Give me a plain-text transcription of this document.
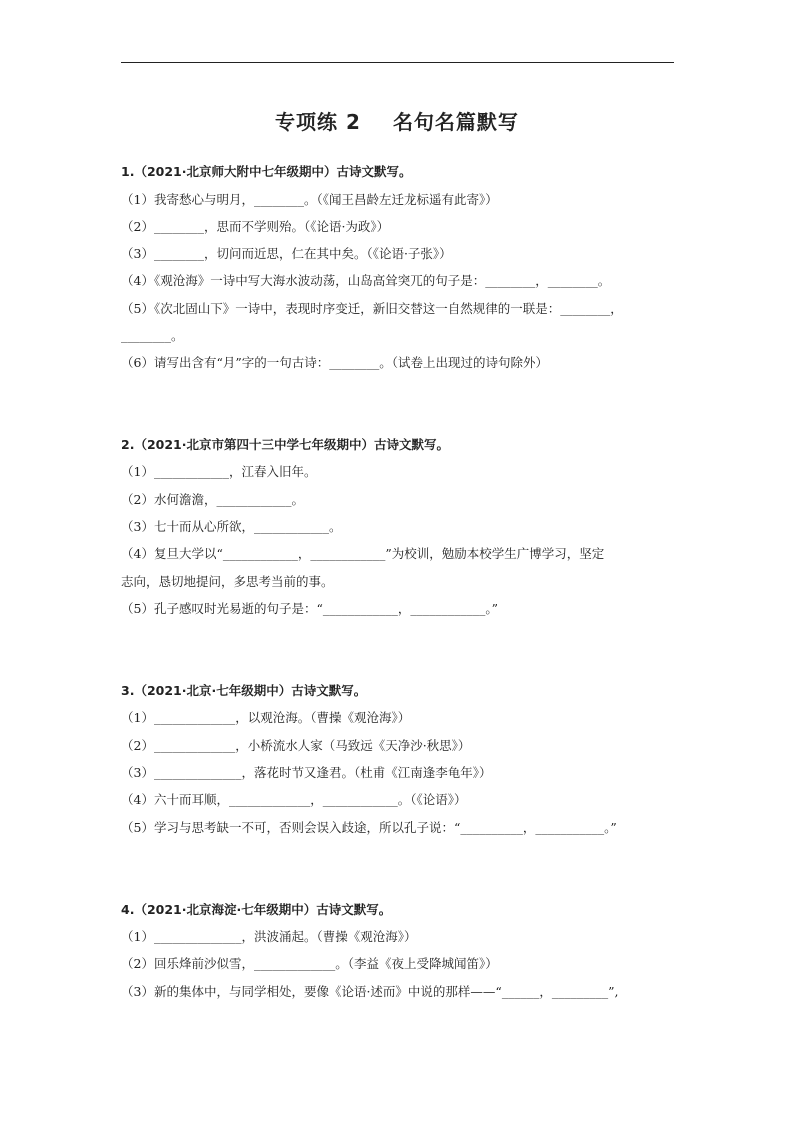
专项练 2 名句名篇默写
1.（2021·北京师大附中七年级期中）古诗文默写。
（1）我寄愁心与明月，________。（《闻王昌龄左迁龙标遥有此寄》）
（2）________，思而不学则殆。（《论语·为政》）
（3）________，切问而近思，仁在其中矣。（《论语·子张》）
（4）《观沧海》一诗中写大海水波动荡，山岛高耸突兀的句子是：________，________。
（5）《次北固山下》一诗中，表现时序变迁，新旧交替这一自然规律的一联是：________，
________。
（6）请写出含有“月”字的一句古诗：________。（试卷上出现过的诗句除外）
2.（2021·北京市第四十三中学七年级期中）古诗文默写。
（1）____________，江春入旧年。
（2）水何澹澹，____________。
（3）七十而从心所欲，____________。
（4）复旦大学以“____________，____________”为校训，勉励本校学生广博学习，坚定
志向，恳切地提问，多思考当前的事。
（5）孔子感叹时光易逝的句子是：“____________，____________。”
3.（2021·北京·七年级期中）古诗文默写。
（1）_____________，以观沧海。（曹操《观沧海》）
（2）_____________，小桥流水人家（马致远《天净沙·秋思》）
（3）______________，落花时节又逢君。（杜甫《江南逢李龟年》）
（4）六十而耳顺，_____________，____________。（《论语》）
（5）学习与思考缺一不可，否则会误入歧途，所以孔子说：“__________，___________。”
4.（2021·北京海淀·七年级期中）古诗文默写。
（1）______________，洪波涌起。（曹操《观沧海》）
（2）回乐烽前沙似雪，_____________。（李益《夜上受降城闻笛》）
（3）新的集体中，与同学相处，要像《论语·述而》中说的那样——“______，_________”,
